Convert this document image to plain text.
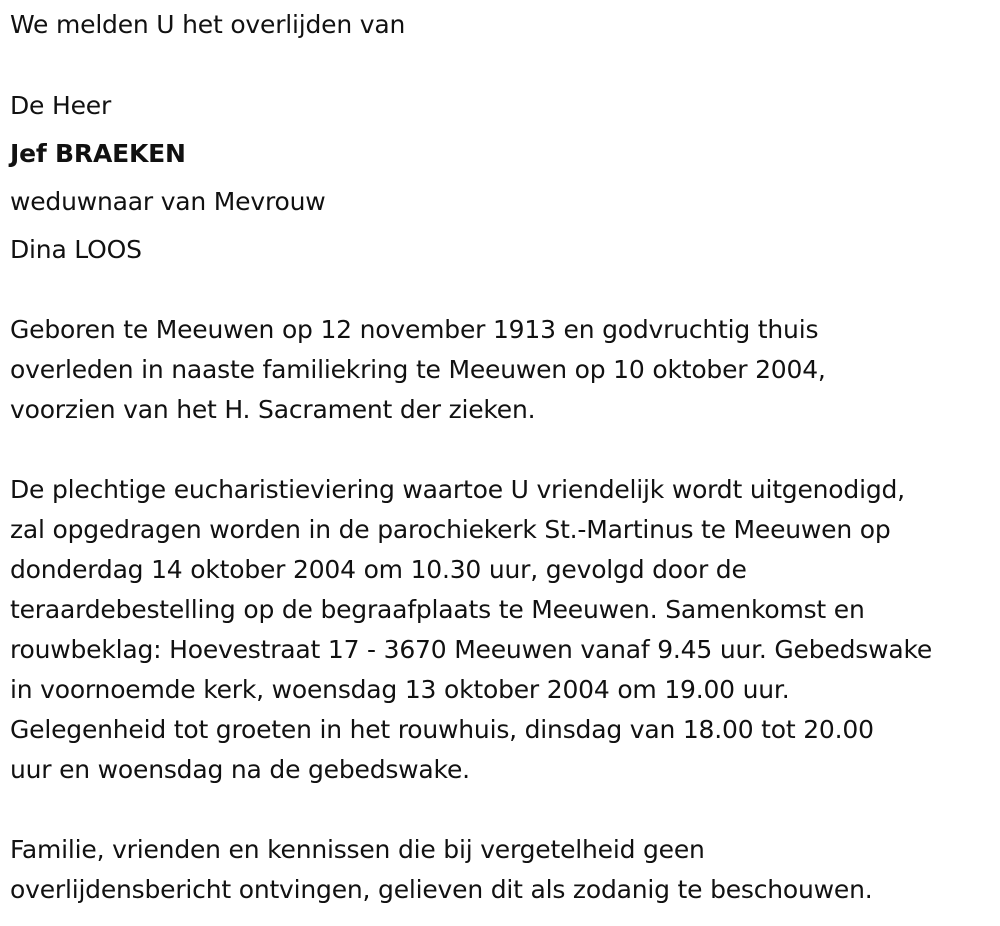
We melden U het overlijden van
De Heer
Jef BRAEKEN
weduwnaar van Mevrouw
Dina LOOS
Geboren te Meeuwen op 12 november 1913 en godvruchtig thuis
overleden in naaste familiekring te Meeuwen op 10 oktober 2004,
voorzien van het H. Sacrament der zieken.
De plechtige eucharistieviering waartoe U vriendelijk wordt uitgenodigd,
zal opgedragen worden in de parochiekerk St.-Martinus te Meeuwen op
donderdag 14 oktober 2004 om 10.30 uur, gevolgd door de
teraardebestelling op de begraafplaats te Meeuwen. Samenkomst en
rouwbeklag: Hoevestraat 17 - 3670 Meeuwen vanaf 9.45 uur. Gebedswake
in voornoemde kerk, woensdag 13 oktober 2004 om 19.00 uur.
Gelegenheid tot groeten in het rouwhuis, dinsdag van 18.00 tot 20.00
uur en woensdag na de gebedswake.
Familie, vrienden en kennissen die bij vergetelheid geen
overlijdensbericht ontvingen, gelieven dit als zodanig te beschouwen.
